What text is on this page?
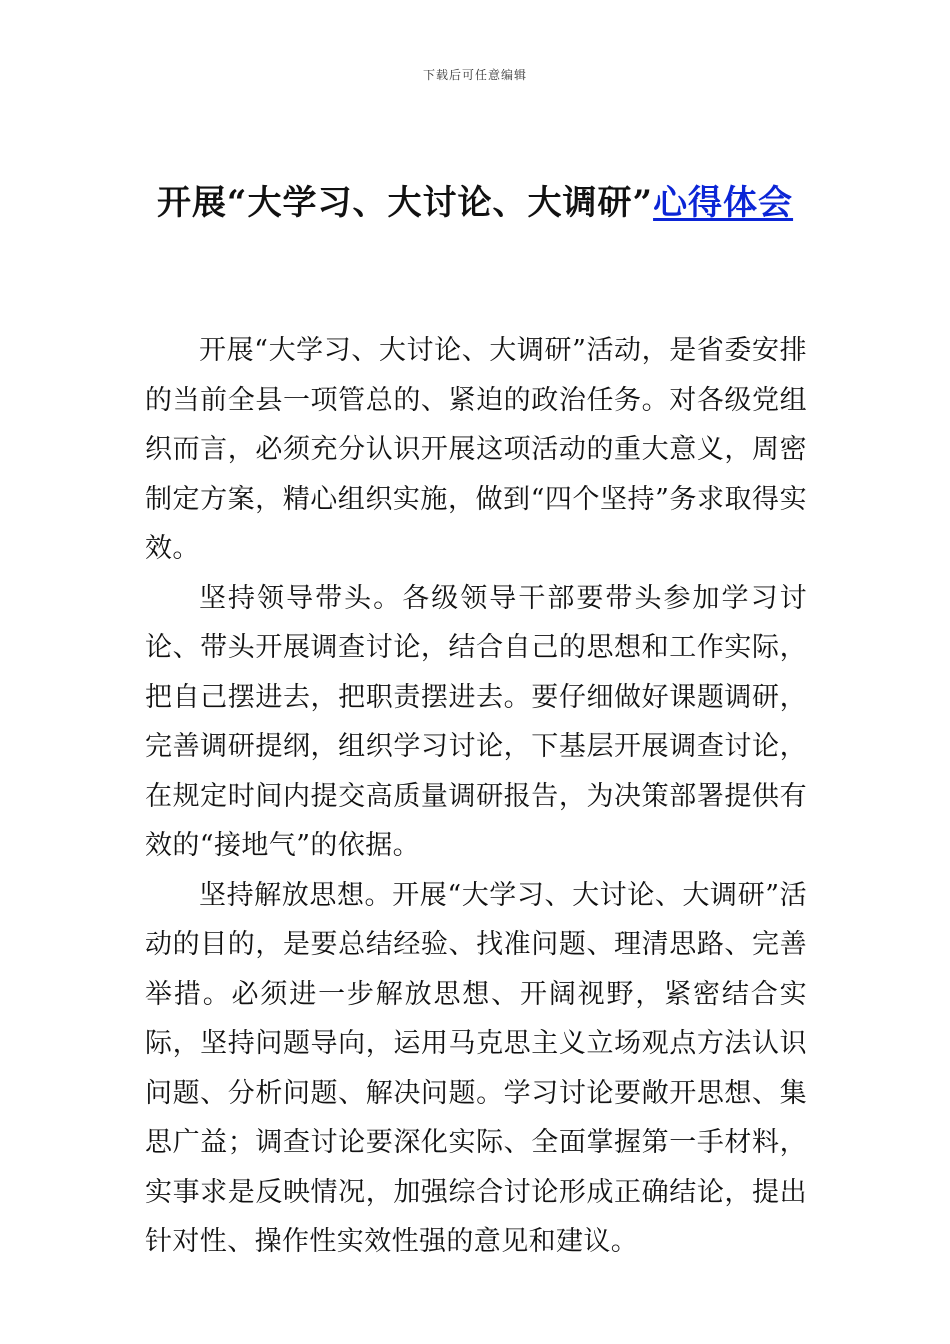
下载后可任意编辑
开展“大学习、大讨论、大调研”心得体会

开展“大学习、大讨论、大调研”活动，是省委安排的当前全县一项管总的、紧迫的政治任务。对各级党组织而言，必须充分认识开展这项活动的重大意义，周密制定方案，精心组织实施，做到“四个坚持”务求取得实效。

坚持领导带头。各级领导干部要带头参加学习讨论、带头开展调查讨论，结合自己的思想和工作实际，把自己摆进去，把职责摆进去。要仔细做好课题调研，完善调研提纲，组织学习讨论，下基层开展调查讨论，在规定时间内提交高质量调研报告，为决策部署提供有效的“接地气”的依据。

坚持解放思想。开展“大学习、大讨论、大调研”活动的目的，是要总结经验、找准问题、理清思路、完善举措。必须进一步解放思想、开阔视野，紧密结合实际，坚持问题导向，运用马克思主义立场观点方法认识问题、分析问题、解决问题。学习讨论要敞开思想、集思广益；调查讨论要深化实际、全面掌握第一手材料，实事求是反映情况，加强综合讨论形成正确结论，提出针对性、操作性实效性强的意见和建议。
